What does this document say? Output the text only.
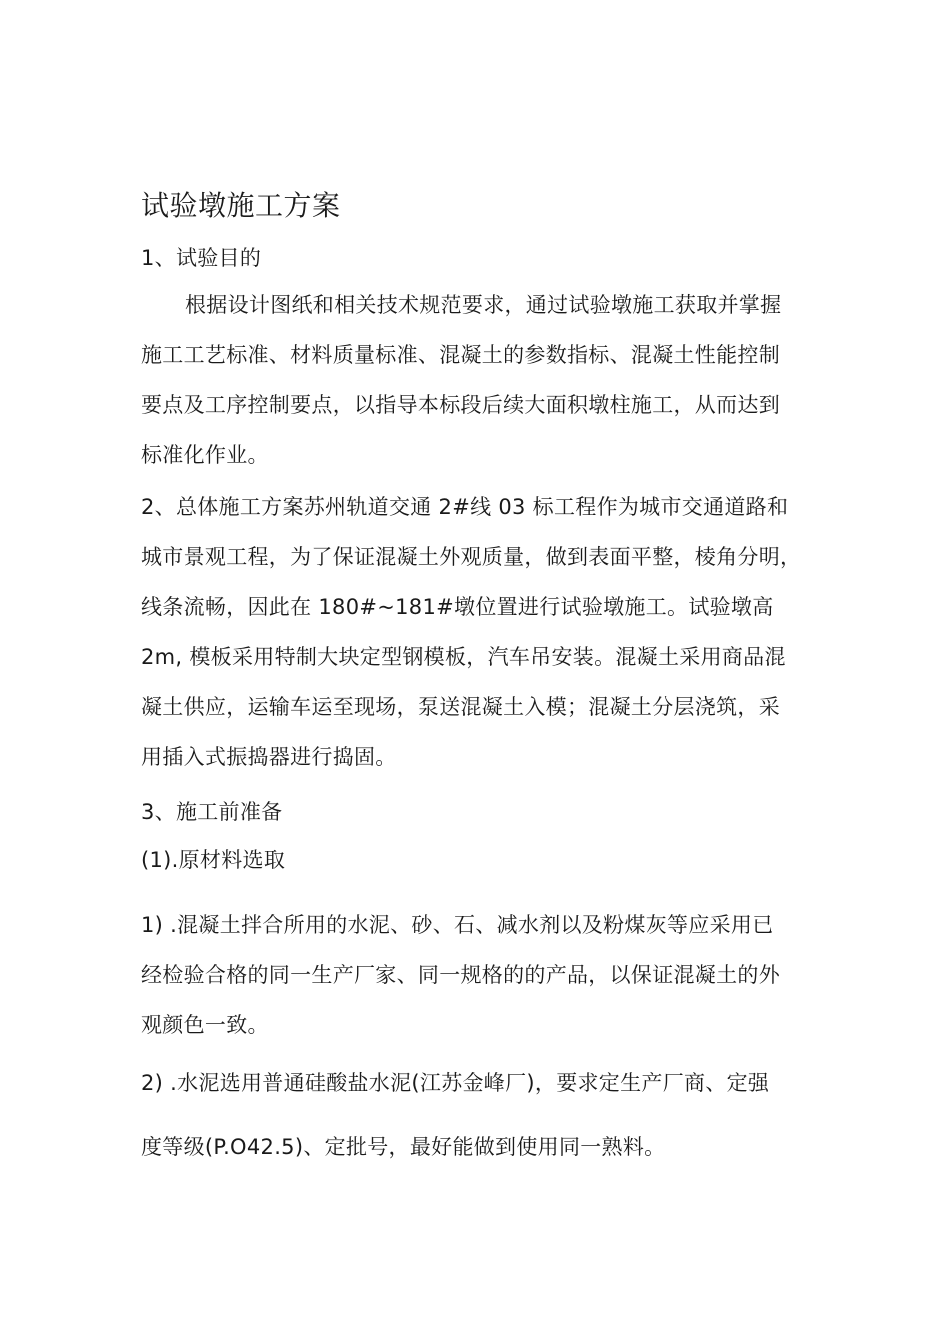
试验墩施工方案
1、试验目的
根据设计图纸和相关技术规范要求，通过试验墩施工获取并掌握
施工工艺标准、材料质量标准、混凝土的参数指标、混凝土性能控制
要点及工序控制要点，以指导本标段后续大面积墩柱施工，从而达到
标准化作业。
2、总体施工方案苏州轨道交通 2#线 03 标工程作为城市交通道路和
城市景观工程，为了保证混凝土外观质量，做到表面平整，棱角分明，
线条流畅，因此在 180#~181#墩位置进行试验墩施工。试验墩高
2m, 模板采用特制大块定型钢模板，汽车吊安装。混凝土采用商品混
凝土供应，运输车运至现场，泵送混凝土入模；混凝土分层浇筑，采
用插入式振捣器进行捣固。
3、施工前准备
(1).原材料选取
1) .混凝土拌合所用的水泥、砂、石、减水剂以及粉煤灰等应采用已
经检验合格的同一生产厂家、同一规格的的产品，以保证混凝土的外
观颜色一致。
2) .水泥选用普通硅酸盐水泥(江苏金峰厂)，要求定生产厂商、定强
度等级(P.O42.5)、定批号，最好能做到使用同一熟料。
